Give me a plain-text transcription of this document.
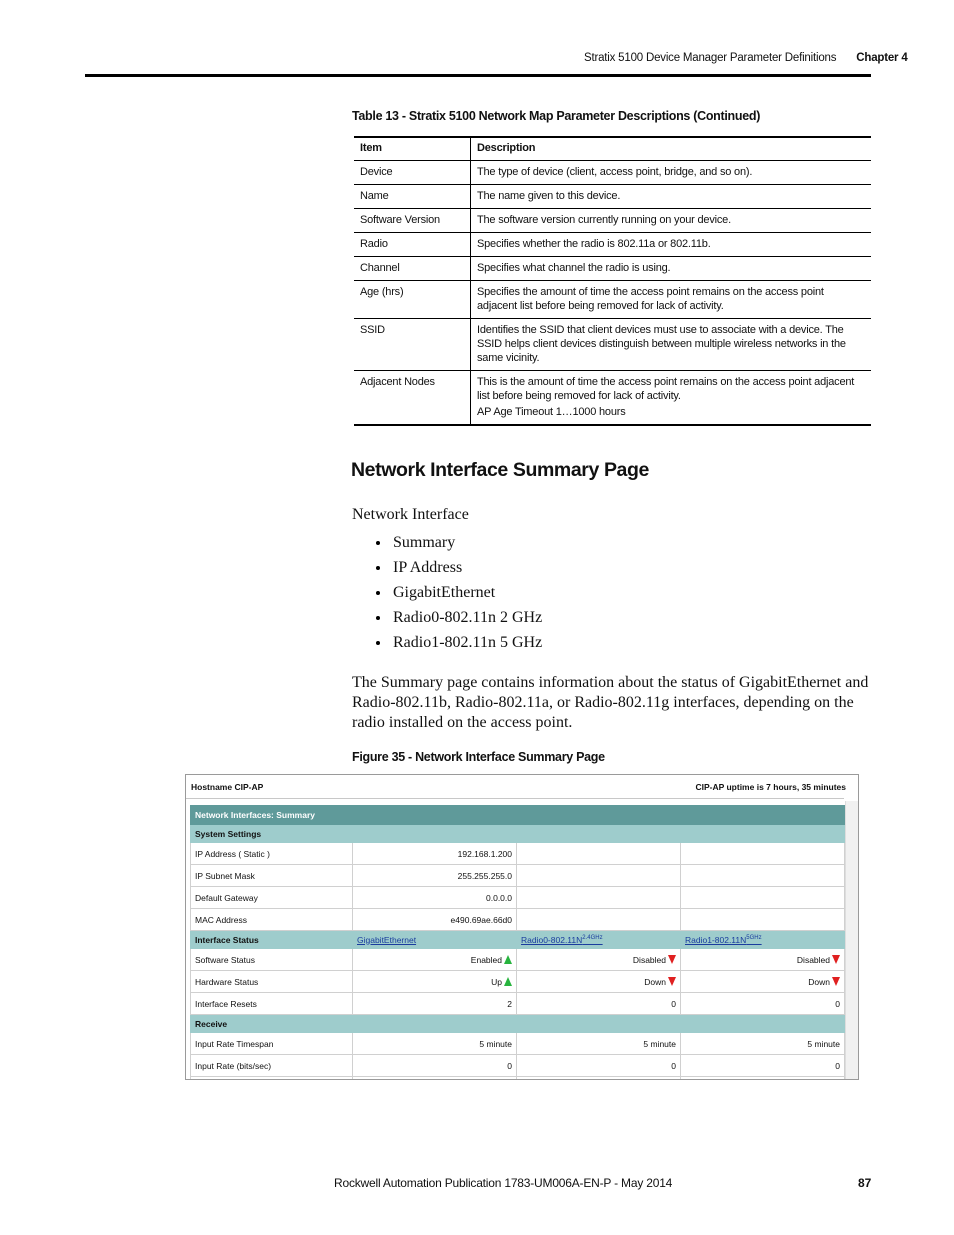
Stratix 5100 Device Manager Parameter Definitions Chapter 4
Table 13 - Stratix 5100 Network Map Parameter Descriptions (Continued)
Item	Description
Device	The type of device (client, access point, bridge, and so on).
Name	The name given to this device.
Software Version	The software version currently running on your device.
Radio	Specifies whether the radio is 802.11a or 802.11b.
Channel	Specifies what channel the radio is using.
Age (hrs)	Specifies the amount of time the access point remains on the access point adjacent list before being removed for lack of activity.
SSID	Identifies the SSID that client devices must use to associate with a device. The SSID helps client devices distinguish between multiple wireless networks in the same vicinity.
Adjacent Nodes	This is the amount of time the access point remains on the access point adjacent list before being removed for lack of activity.
AP Age Timeout 1…1000 hours
Network Interface Summary Page
Network Interface
Summary
IP Address
GigabitEthernet
Radio0-802.11n 2 GHz
Radio1-802.11n 5 GHz

The Summary page contains information about the status of GigabitEthernet and Radio-802.11b, Radio-802.11a, or Radio-802.11g interfaces, depending on the radio installed on the access point.

Figure 35 - Network Interface Summary Page
Hostname CIP-AP	CIP-AP uptime is 7 hours, 35 minutes
Network Interfaces: Summary			
System Settings			
IP Address ( Static )	192.168.1.200		
IP Subnet Mask	255.255.255.0		
Default Gateway	0.0.0.0		
MAC Address	e490.69ae.66d0		
Interface Status	GigabitEthernet	$Radio0-802.11N^{2.4GHz}$	$Radio1-802.11N^{5GHz}$
Software Status	Enabled	Disabled	Disabled
Hardware Status	Up	Down	Down
Interface Resets	2	0	0
Receive			
Input Rate Timespan	5 minute	5 minute	5 minute
Input Rate (bits/sec)	0	0	0

Rockwell Automation Publication 1783-UM006A-EN-P - May 2014	87
